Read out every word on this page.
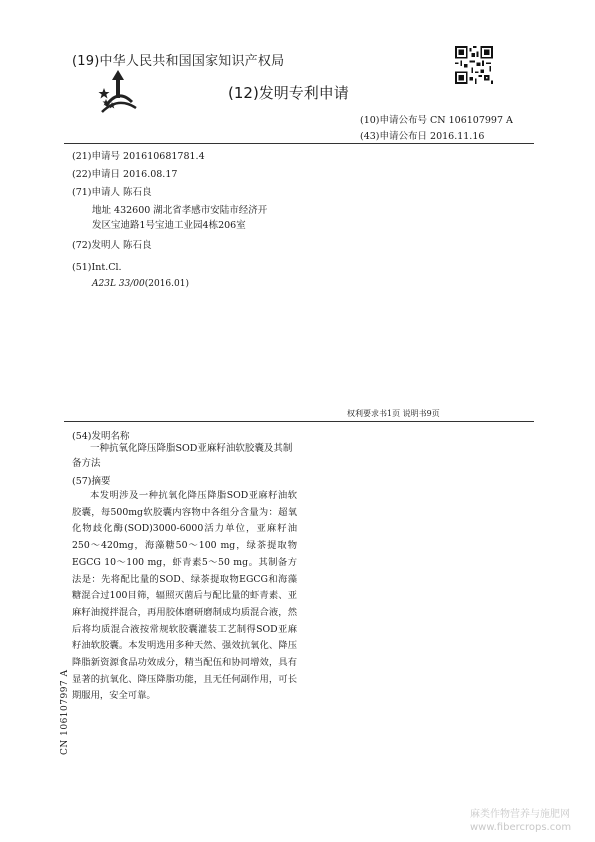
(19)中华人民共和国国家知识产权局
(12)发明专利申请
(10)申请公布号 CN 106107997 A
(43)申请公布日 2016.11.16
(21)申请号 201610681781.4
(22)申请日 2016.08.17
(71)申请人 陈石良
地址 432600 湖北省孝感市安陆市经济开
发区宝迪路1号宝迪工业园4栋206室
(72)发明人 陈石良
(51)Int.Cl.
A23L 33/00(2016.01)
权利要求书1页 说明书9页
(54)发明名称
一种抗氧化降压降脂SOD亚麻籽油软胶囊及其制备方法
(57)摘要
本发明涉及一种抗氧化降压降脂SOD亚麻籽油软胶囊，每500mg软胶囊内容物中各组分含量为：超氧化物歧化酶(SOD)3000-6000活力单位，亚麻籽油250～420mg，海藻糖50～100 mg，绿茶提取物EGCG 10～100 mg，虾青素5～50 mg。其制备方法是：先将配比量的SOD、绿茶提取物EGCG和海藻糖混合过100目筛，辐照灭菌后与配比量的虾青素、亚麻籽油搅拌混合，再用胶体磨研磨制成均质混合液，然后将均质混合液按常规软胶囊灌装工艺制得SOD亚麻籽油软胶囊。本发明选用多种天然、强效抗氧化、降压降脂新资源食品功效成分，精当配伍和协同增效，具有显著的抗氧化、降压降脂功能，且无任何副作用，可长期服用，安全可靠。
CN 106107997 A
麻类作物营养与施肥网
www.fibercrops.com
